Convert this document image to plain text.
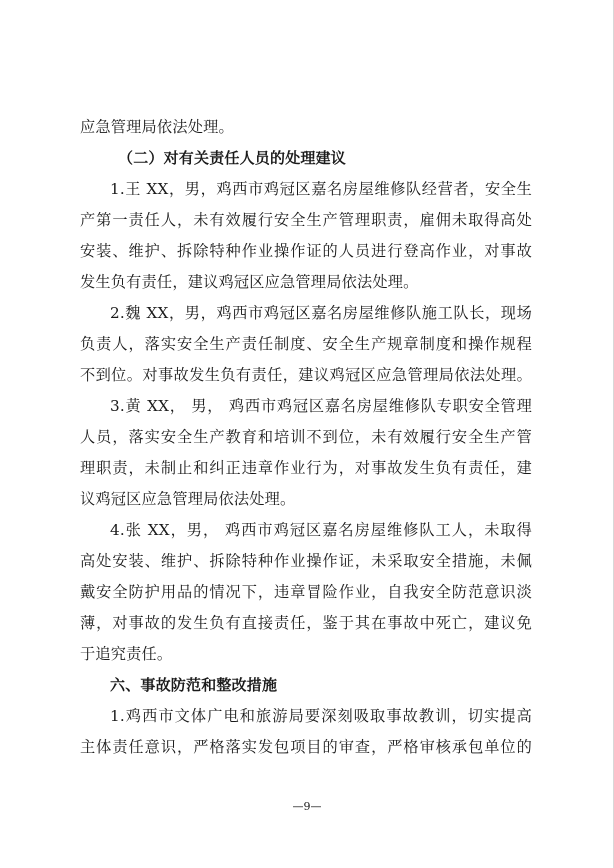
应急管理局依法处理。
（二）对有关责任人员的处理建议
1.王 XX，男，鸡西市鸡冠区嘉名房屋维修队经营者，安全生
产第一责任人，未有效履行安全生产管理职责，雇佣未取得高处
安装、维护、拆除特种作业操作证的人员进行登高作业，对事故
发生负有责任，建议鸡冠区应急管理局依法处理。
2.魏 XX，男，鸡西市鸡冠区嘉名房屋维修队施工队长，现场
负责人，落实安全生产责任制度、安全生产规章制度和操作规程
不到位。对事故发生负有责任，建议鸡冠区应急管理局依法处理。
3.黄 XX， 男， 鸡西市鸡冠区嘉名房屋维修队专职安全管理
人员，落实安全生产教育和培训不到位，未有效履行安全生产管
理职责，未制止和纠正违章作业行为，对事故发生负有责任，建
议鸡冠区应急管理局依法处理。
4.张 XX，男， 鸡西市鸡冠区嘉名房屋维修队工人，未取得
高处安装、维护、拆除特种作业操作证，未采取安全措施，未佩
戴安全防护用品的情况下，违章冒险作业，自我安全防范意识淡
薄，对事故的发生负有直接责任，鉴于其在事故中死亡，建议免
于追究责任。
六、事故防范和整改措施
1.鸡西市文体广电和旅游局要深刻吸取事故教训，切实提高
主体责任意识，严格落实发包项目的审查，严格审核承包单位的
—9—
